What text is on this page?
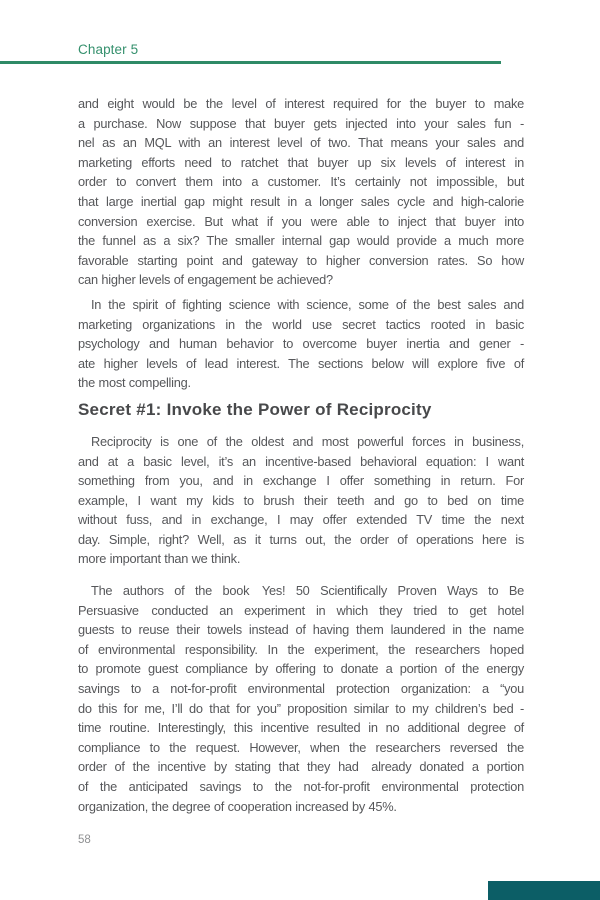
Chapter 5
and eight would be the level of interest required for the buyer to make
a purchase. Now suppose that buyer gets injected into your sales fun -
nel as an MQL with an interest level of two. That means your sales and
marketing efforts need to ratchet that buyer up six levels of interest in
order to convert them into a customer. It’s certainly not impossible, but
that large inertial gap might result in a longer sales cycle and high-calorie
conversion exercise. But what if you were able to inject that buyer into
the funnel as a six? The smaller internal gap would provide a much more
favorable starting point and gateway to higher conversion rates. So how
can higher levels of engagement be achieved?
In the spirit of fighting science with science, some of the best sales and
marketing organizations in the world use secret tactics rooted in basic
psychology and human behavior to overcome buyer inertia and gener -
ate higher levels of lead interest. The sections below will explore five of
the most compelling.
Secret #1: Invoke the Power of Reciprocity
Reciprocity is one of the oldest and most powerful forces in business,
and at a basic level, it’s an incentive-based behavioral equation: I want
something from you, and in exchange I offer something in return. For
example, I want my kids to brush their teeth and go to bed on time
without fuss, and in exchange, I may offer extended TV time the next
day. Simple, right? Well, as it turns out, the order of operations here is
more important than we think.
The authors of the book Yes! 50 Scientifically Proven Ways to Be
Persuasive conducted an experiment in which they tried to get hotel
guests to reuse their towels instead of having them laundered in the name
of environmental responsibility. In the experiment, the researchers hoped
to promote guest compliance by offering to donate a portion of the energy
savings to a not-for-profit environmental protection organization: a “you
do this for me, I’ll do that for you” proposition similar to my children’s bed -
time routine. Interestingly, this incentive resulted in no additional degree of
compliance to the request. However, when the researchers reversed the
order of the incentive by stating that they had already donated a portion
of the anticipated savings to the not-for-profit environmental protection
organization, the degree of cooperation increased by 45%.
58
